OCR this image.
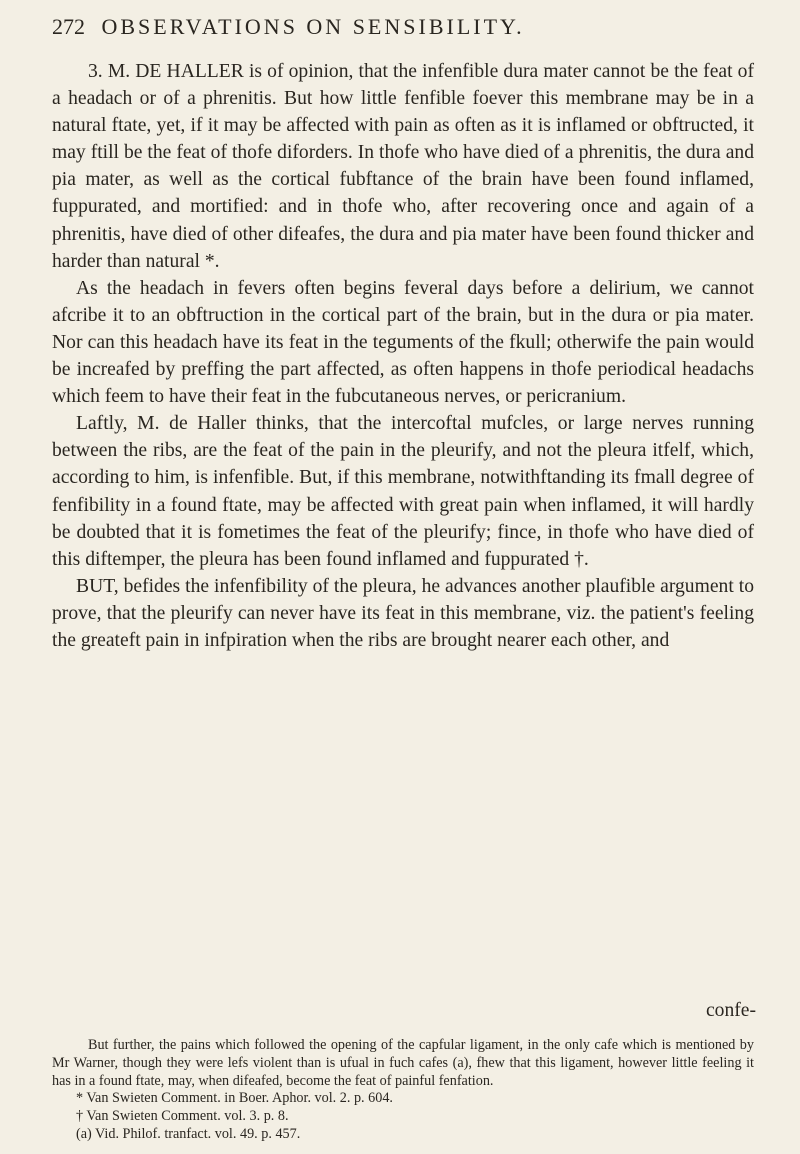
272 OBSERVATIONS ON SENSIBILITY.

3. M. DE HALLER is of opinion, that the infenfible dura mater cannot be the feat of a headach or of a phrenitis. But how little fenfible foever this membrane may be in a natural ftate, yet, if it may be affected with pain as often as it is inflamed or obftructed, it may ftill be the feat of thofe diforders. In thofe who have died of a phrenitis, the dura and pia mater, as well as the cortical fubftance of the brain have been found inflamed, fuppurated, and mortified: and in thofe who, after recovering once and again of a phrenitis, have died of other difeafes, the dura and pia mater have been found thicker and harder than natural *.

As the headach in fevers often begins feveral days before a delirium, we cannot afcribe it to an obftruction in the cortical part of the brain, but in the dura or pia mater. Nor can this headach have its feat in the teguments of the fkull; otherwife the pain would be increafed by preffing the part affected, as often happens in thofe periodical headachs which feem to have their feat in the fubcutaneous nerves, or pericranium.

Laftly, M. de Haller thinks, that the intercoftal mufcles, or large nerves running between the ribs, are the feat of the pain in the pleurify, and not the pleura itfelf, which, according to him, is infenfible. But, if this membrane, notwithftanding its fmall degree of fenfibility in a found ftate, may be affected with great pain when inflamed, it will hardly be doubted that it is fometimes the feat of the pleurify; fince, in thofe who have died of this diftemper, the pleura has been found inflamed and fuppurated †.

BUT, befides the infenfibility of the pleura, he advances another plaufible argument to prove, that the pleurify can never have its feat in this membrane, viz. the patient's feeling the greateft pain in infpiration when the ribs are brought nearer each other, and

confe-

But further, the pains which followed the opening of the capfular ligament, in the only cafe which is mentioned by Mr Warner, though they were lefs violent than is ufual in fuch cafes (a), fhew that this ligament, however little feeling it has in a found ftate, may, when difeafed, become the feat of painful fenfation.

* Van Swieten Comment. in Boer. Aphor. vol. 2. p. 604.

† Van Swieten Comment. vol. 3. p. 8.

(a) Vid. Philof. tranfact. vol. 49. p. 457.
